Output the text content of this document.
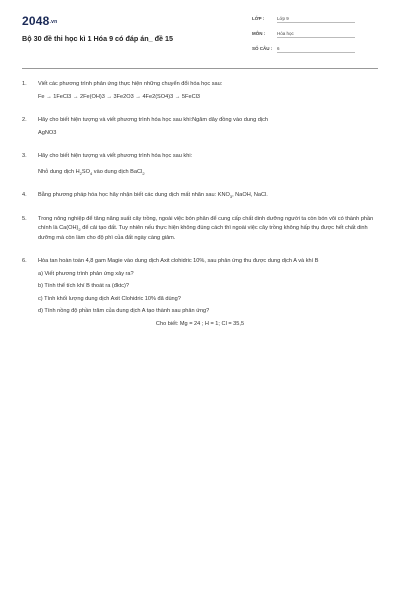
2048.vn
Bộ 30 đề thi học kì 1 Hóa 9 có đáp án_ đề 15
LỚP :	Lớp 9
MÔN :	Hóa học
SỐ CÂU : 6
1. Viết các phương trình phản ứng thực hiện những chuyển đổi hóa học sau:

Fe → 1FeCl3 → 2Fe(OH)3 → 3Fe2O3 → 4Fe2(SO4)3 → 5FeCl3

2. Hãy cho biết hiện tượng và viết phương trình hóa học sau khi:Ngâm dây đồng vào dung dịch

AgNO3

3. Hãy cho biết hiện tượng và viết phương trình hóa học sau khi:

Nhỏ dung dịch $H_2SO_4$ vào dung dịch BaCl$_2$

4. Bằng phương pháp hóa học hãy nhận biết các dung dịch mất nhãn sau: $KNO_3$, NaOH, NaCl.

5. Trong nông nghiệp để tăng năng suất cây trồng, ngoài việc bón phân để cung cấp chất dinh dưỡng người ta còn bón vôi có thành phần chính là $Ca(OH)_2$ để cải tạo đất. Tuy nhiên nếu thực hiện không đúng cách thì ngoài việc cây trồng không hấp thụ được hết chất dinh dưỡng mà còn làm cho độ phì của đất ngày càng giảm.

6. Hòa tan hoàn toàn 4,8 gam Magie vào dung dịch Axit clohidric 10%, sau phản ứng thu được dung dịch A và khí B

a) Viết phương trình phản ứng xảy ra?

b) Tính thể tích khí B thoát ra (đktc)?

c) Tính khối lượng dung dịch Axit Clohidric 10% đã dùng?

d) Tính nồng độ phần trăm của dung dịch A tạo thành sau phản ứng?

Cho biết: Mg = 24 ; H = 1; Cl = 35,5
